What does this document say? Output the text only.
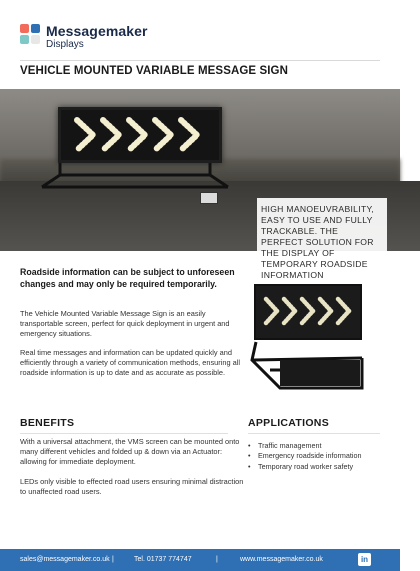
Messagemaker
Displays
VEHICLE MOUNTED VARIABLE MESSAGE SIGN
HIGH MANOEUVRABILITY, EASY TO USE AND FULLY TRACKABLE. THE PERFECT SOLUTION FOR THE DISPLAY OF TEMPORARY ROADSIDE INFORMATION
Roadside information can be subject to unforeseen changes and may only be required temporarily.
The Vehicle Mounted Variable Message Sign is an easily transportable screen, perfect for quick deployment in urgent and emergency situations.
Real time messages and information can be updated quickly and efficiently through a variety of communication methods, ensuring all roadside information is up to date and as accurate as possible.
BENEFITS
With a universal attachment, the VMS screen can be mounted onto many different vehicles and folded up & down via an Actuator: allowing for immediate deployment.
LEDs only visible to effected road users ensuring minimal distraction to unaffected road users.
APPLICATIONS
• Traffic management
• Emergency roadside information
• Temporary road worker safety
sales@messagemaker.co.uk |	Tel. 01737 774747	|	www.messagemaker.co.uk	in
